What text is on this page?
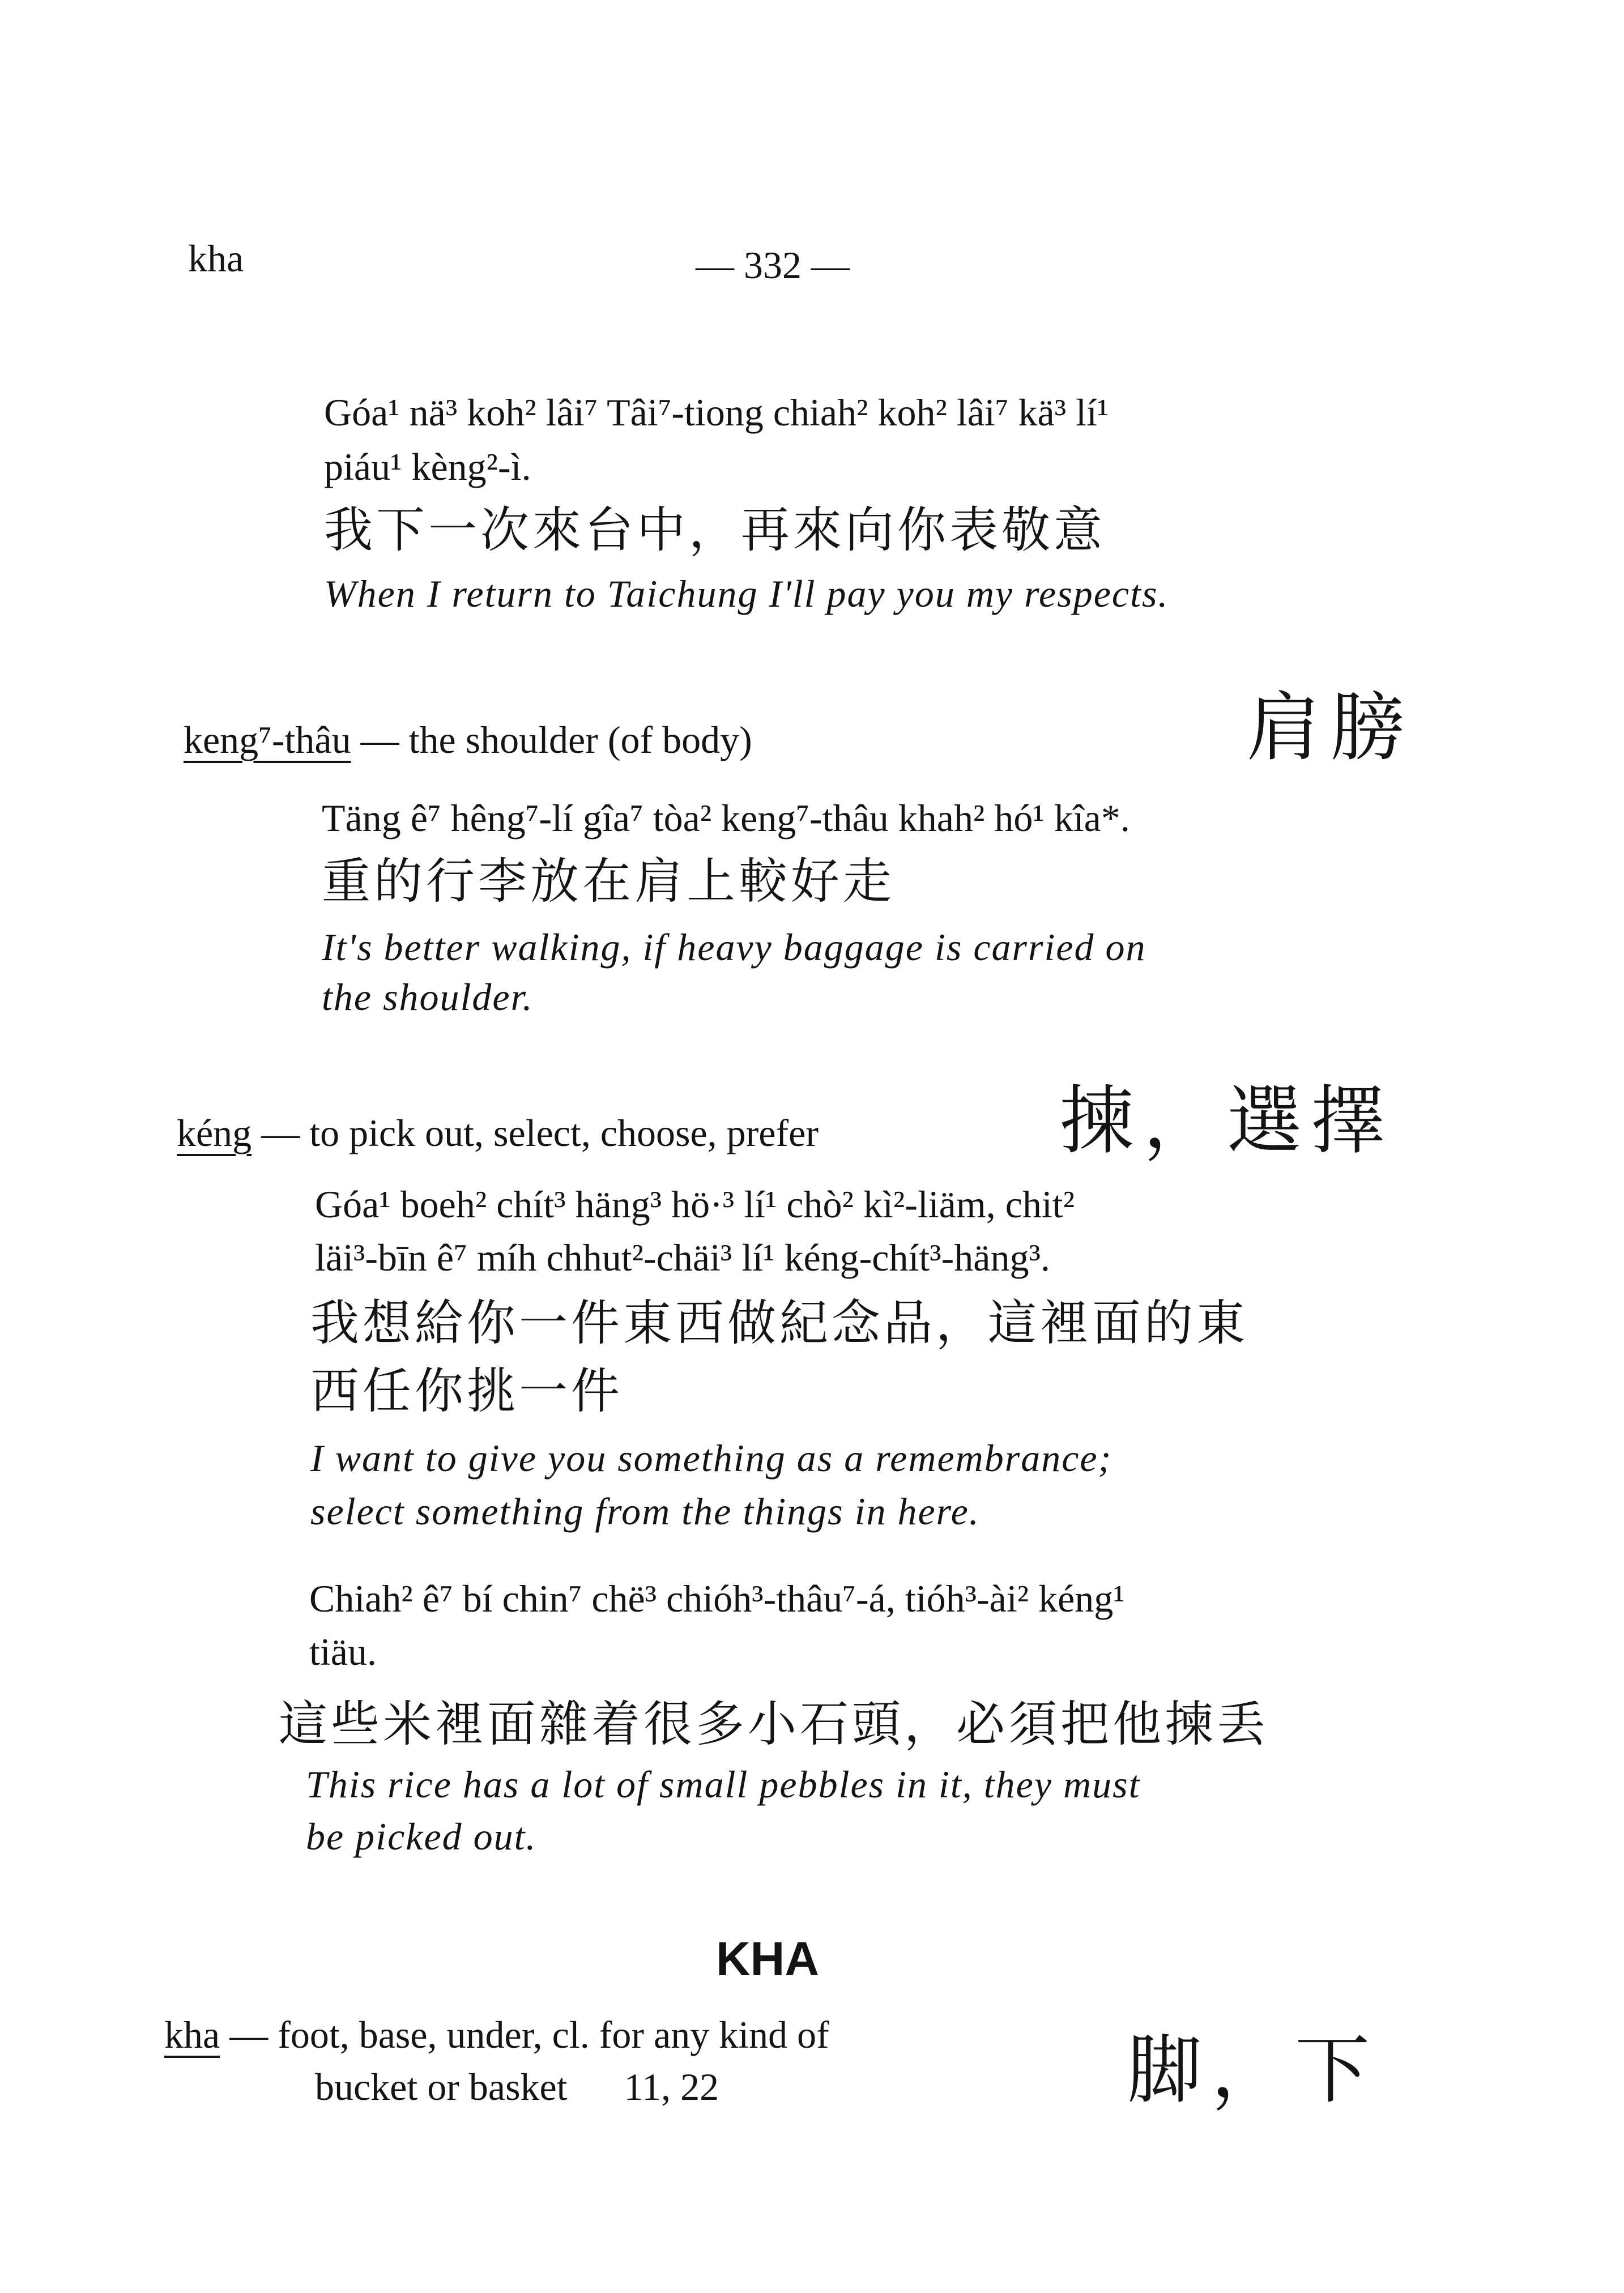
kha	— 332 —
Góa¹ nä³ koh² lâi⁷ Tâi⁷-tiong chiah² koh² lâi⁷ kä³ lí¹
piáu¹ kèng²-ì.
我下一次來台中，再來向你表敬意
When I return to Taichung I'll pay you my respects.
keng⁷-thâu — the shoulder (of body)	肩膀
Täng ê⁷ hêng⁷-lí gîa⁷ tòa² keng⁷-thâu khah² hó¹ kîa*.
重的行李放在肩上較好走
It's better walking, if heavy baggage is carried on
the shoulder.
kéng — to pick out, select, choose, prefer	揀，選擇
Góa¹ boeh² chít³ häng³ hö·³ lí¹ chò² kì²-liäm, chit²
läi³-bīn ê⁷ míh chhut²-chäi³ lí¹ kéng-chít³-häng³.
我想給你一件東西做紀念品，這裡面的東
西任你挑一件
I want to give you something as a remembrance;
select something from the things in here.
Chiah² ê⁷ bí chin⁷ chë³ chióh³-thâu⁷-á, tióh³-ài² kéng¹
tiäu.
這些米裡面雜着很多小石頭，必須把他揀丢
This rice has a lot of small pebbles in it, they must
be picked out.
KHA
kha — foot, base, under, cl. for any kind of
bucket or basket 11, 22	脚，下
